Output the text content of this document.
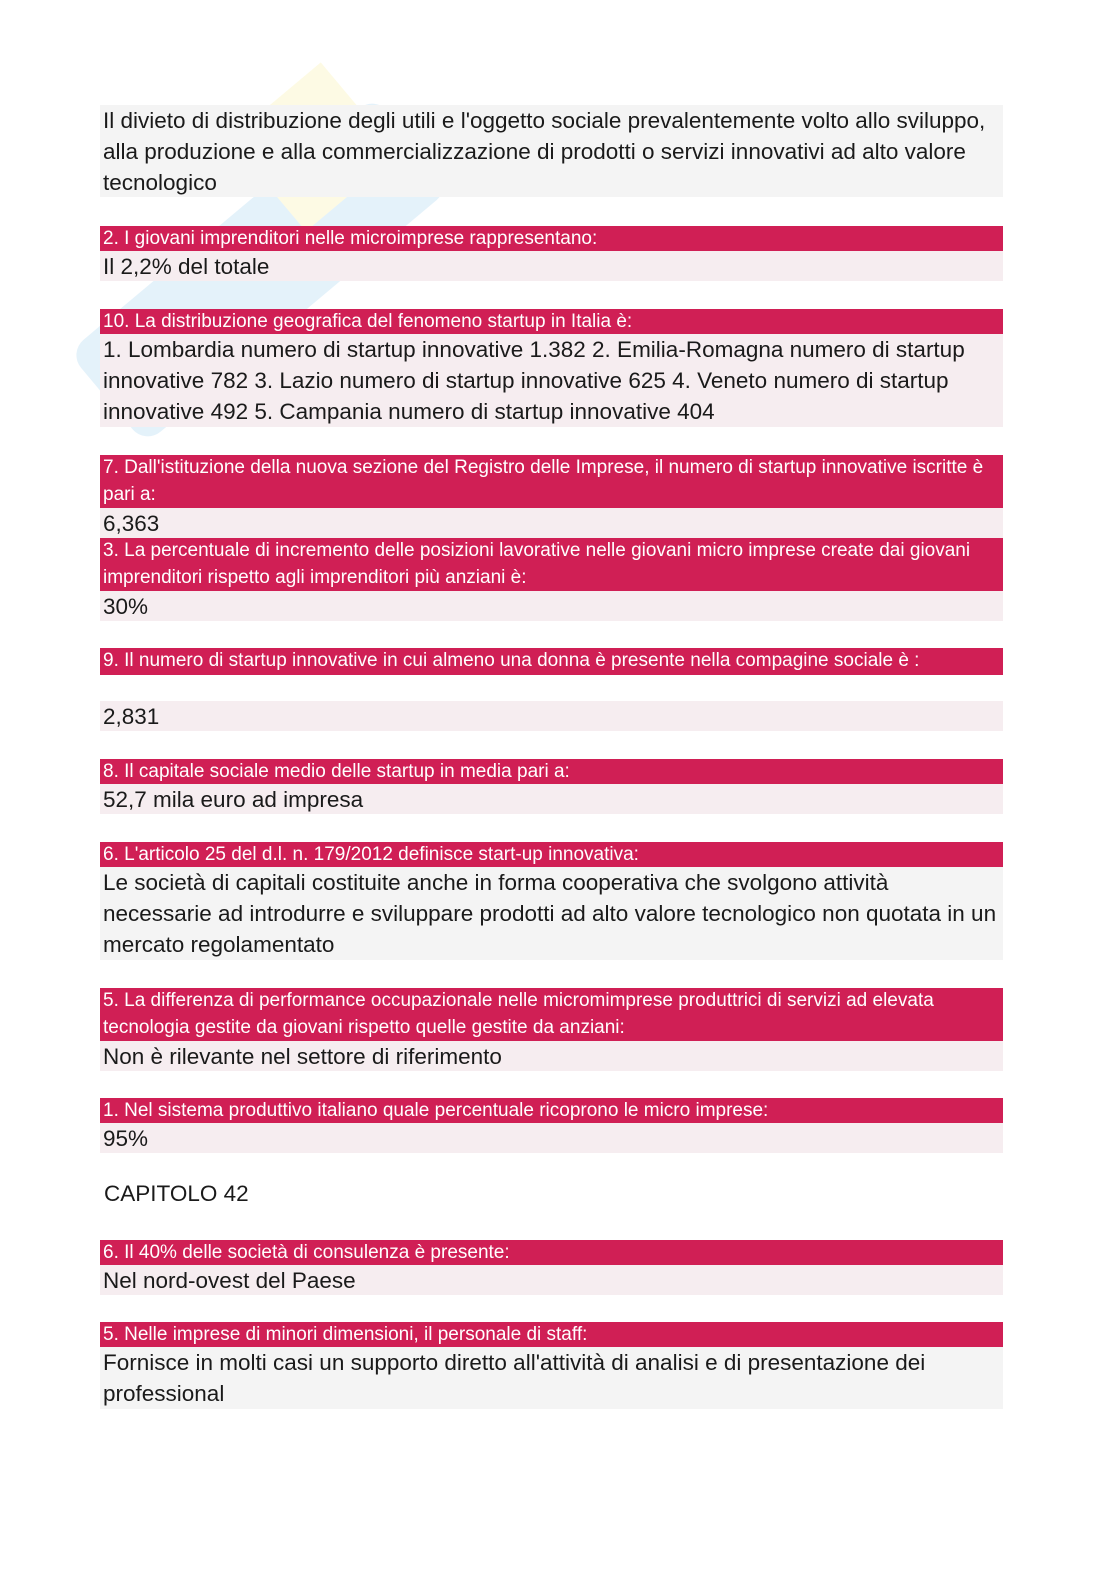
Il divieto di distribuzione degli utili e l'oggetto sociale prevalentemente volto allo sviluppo, alla produzione e alla commercializzazione di prodotti o servizi innovativi ad alto valore tecnologico
2. I giovani imprenditori nelle microimprese rappresentano:
Il 2,2% del totale
10. La distribuzione geografica del fenomeno startup in Italia è:
1. Lombardia numero di startup innovative 1.382 2. Emilia-Romagna numero di startup innovative 782 3. Lazio numero di startup innovative 625 4. Veneto numero di startup innovative 492 5. Campania numero di startup innovative 404
7. Dall'istituzione della nuova sezione del Registro delle Imprese, il numero di startup innovative iscritte è pari a:
6,363
3. La percentuale di incremento delle posizioni lavorative nelle giovani micro imprese create dai giovani imprenditori rispetto agli imprenditori più anziani è:
30%
9. Il numero di startup innovative in cui almeno una donna è presente nella compagine sociale è :
2,831
8. Il capitale sociale medio delle startup in media pari a:
52,7 mila euro ad impresa
6. L'articolo 25 del d.l. n. 179/2012 definisce start-up innovativa:
Le società di capitali costituite anche in forma cooperativa che svolgono attività necessarie ad introdurre e sviluppare prodotti ad alto valore tecnologico non quotata in un mercato regolamentato
5. La differenza di performance occupazionale nelle micromimprese produttrici di servizi ad elevata tecnologia gestite da giovani rispetto quelle gestite da anziani:
Non è rilevante nel settore di riferimento
1. Nel sistema produttivo italiano quale percentuale ricoprono le micro imprese:
95%
CAPITOLO 42
6. Il 40% delle società di consulenza è presente:
Nel nord-ovest del Paese
5. Nelle imprese di minori dimensioni, il personale di staff:
Fornisce in molti casi un supporto diretto all'attività di analisi e di presentazione dei professional
